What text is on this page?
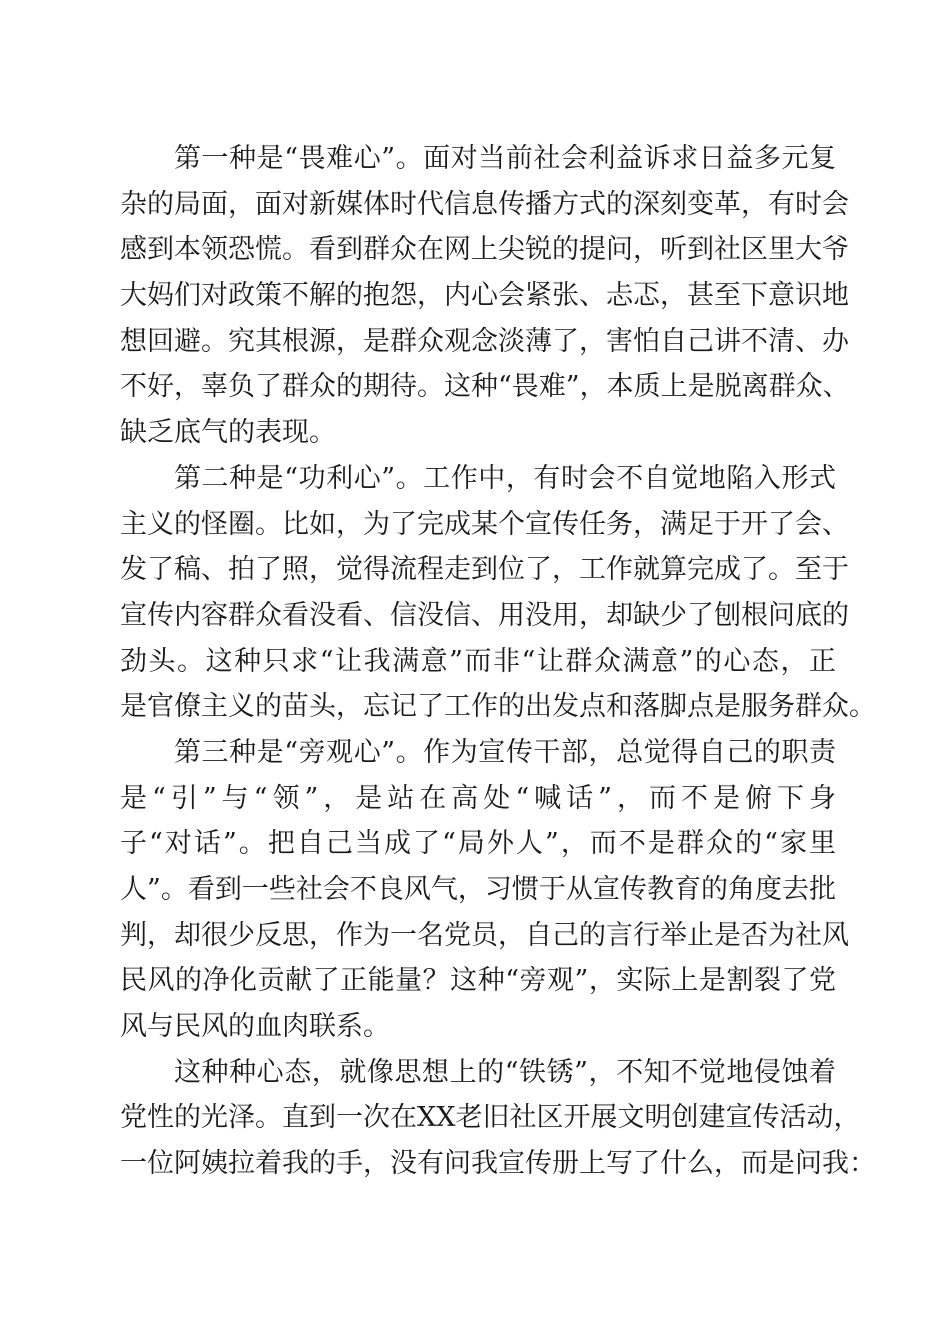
第一种是“畏难心”。面对当前社会利益诉求日益多元复
杂的局面，面对新媒体时代信息传播方式的深刻变革，有时会
感到本领恐慌。看到群众在网上尖锐的提问，听到社区里大爷
大妈们对政策不解的抱怨，内心会紧张、忐忑，甚至下意识地
想回避。究其根源，是群众观念淡薄了，害怕自己讲不清、办
不好，辜负了群众的期待。这种“畏难”，本质上是脱离群众、
缺乏底气的表现。
第二种是“功利心”。工作中，有时会不自觉地陷入形式
主义的怪圈。比如，为了完成某个宣传任务，满足于开了会、
发了稿、拍了照，觉得流程走到位了，工作就算完成了。至于
宣传内容群众看没看、信没信、用没用，却缺少了刨根问底的
劲头。这种只求“让我满意”而非“让群众满意”的心态，正
是官僚主义的苗头，忘记了工作的出发点和落脚点是服务群众。
第三种是“旁观心”。作为宣传干部，总觉得自己的职责
是“引”与“领”，是站在高处“喊话”，而不是俯下身
子“对话”。把自己当成了“局外人”，而不是群众的“家里
人”。看到一些社会不良风气，习惯于从宣传教育的角度去批
判，却很少反思，作为一名党员，自己的言行举止是否为社风
民风的净化贡献了正能量？这种“旁观”，实际上是割裂了党
风与民风的血肉联系。
这种种心态，就像思想上的“铁锈”，不知不觉地侵蚀着
党性的光泽。直到一次在XX老旧社区开展文明创建宣传活动，
一位阿姨拉着我的手，没有问我宣传册上写了什么，而是问我：
